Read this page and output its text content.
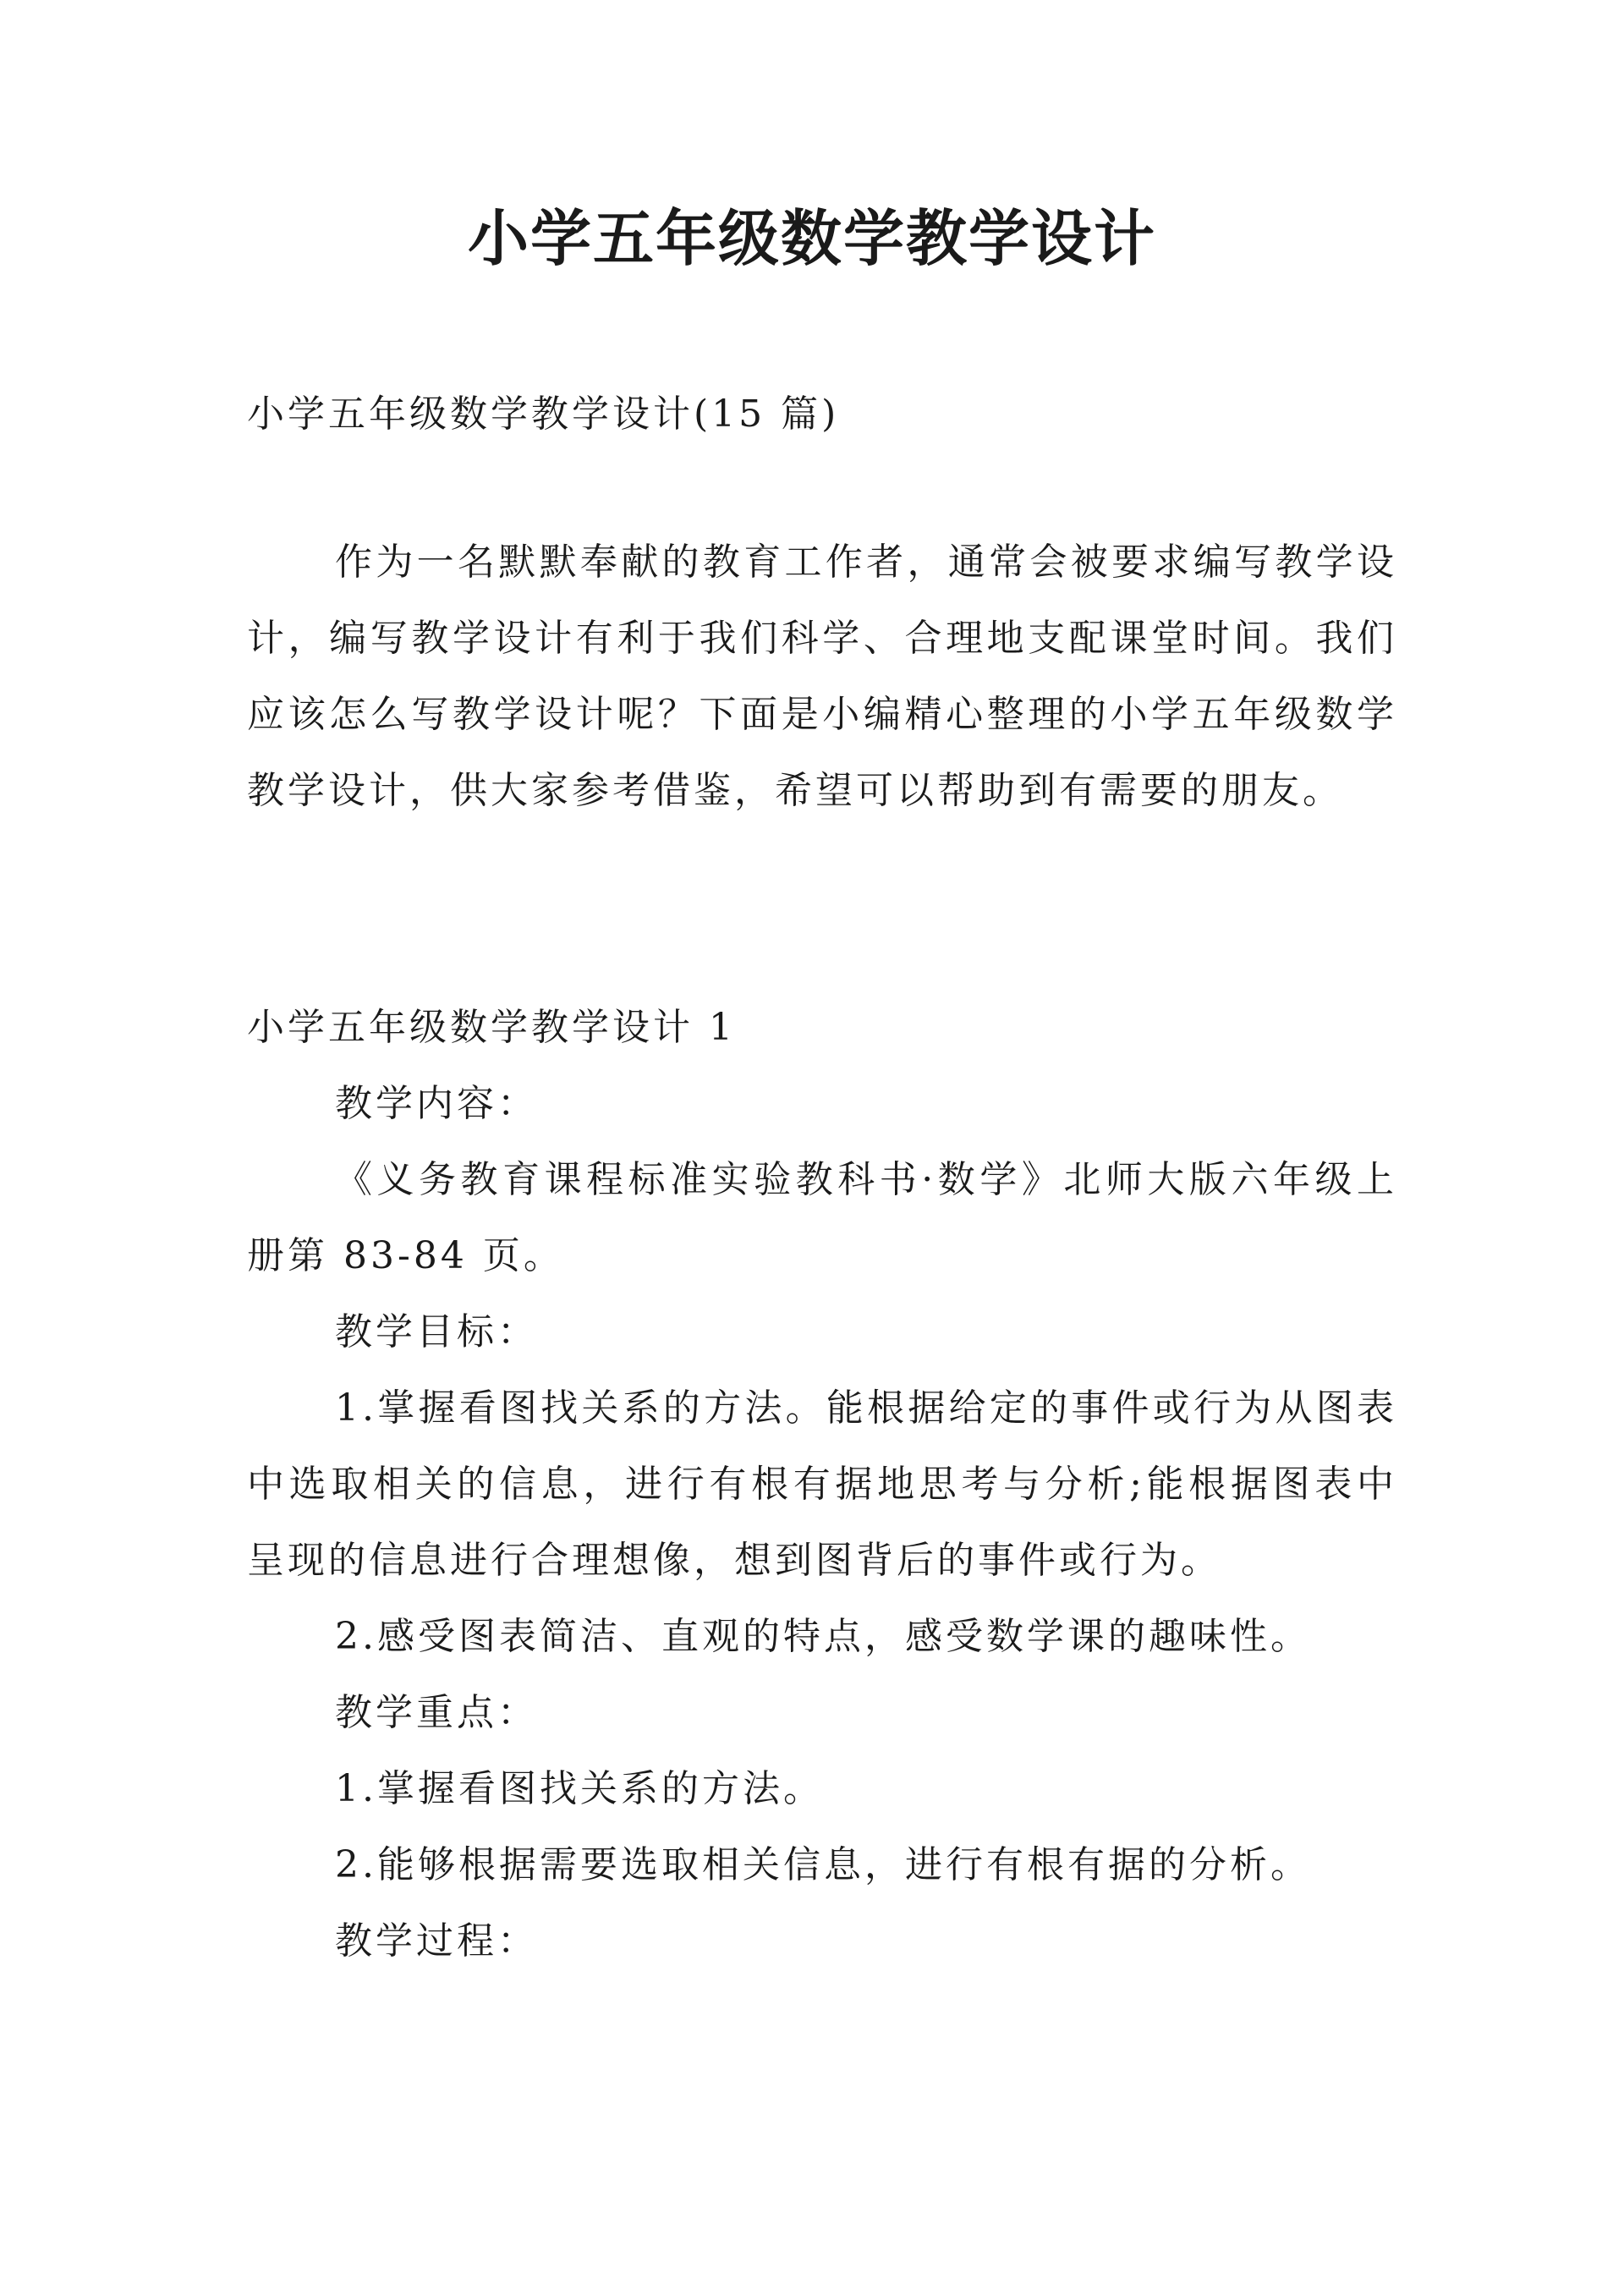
小学五年级数学教学设计

小学五年级数学教学设计(15 篇)

作为一名默默奉献的教育工作者，通常会被要求编写教学设计，编写教学设计有利于我们科学、合理地支配课堂时间。我们应该怎么写教学设计呢？下面是小编精心整理的小学五年级数学教学设计，供大家参考借鉴，希望可以帮助到有需要的朋友。

小学五年级数学教学设计 1

教学内容：

《义务教育课程标准实验教科书·数学》北师大版六年级上册第 83-84 页。

教学目标：

1.掌握看图找关系的方法。能根据给定的事件或行为从图表中选取相关的信息，进行有根有据地思考与分析;能根据图表中呈现的信息进行合理想像，想到图背后的事件或行为。

2.感受图表简洁、直观的特点，感受数学课的趣味性。

教学重点：

1.掌握看图找关系的方法。

2.能够根据需要选取相关信息，进行有根有据的分析。

教学过程：
